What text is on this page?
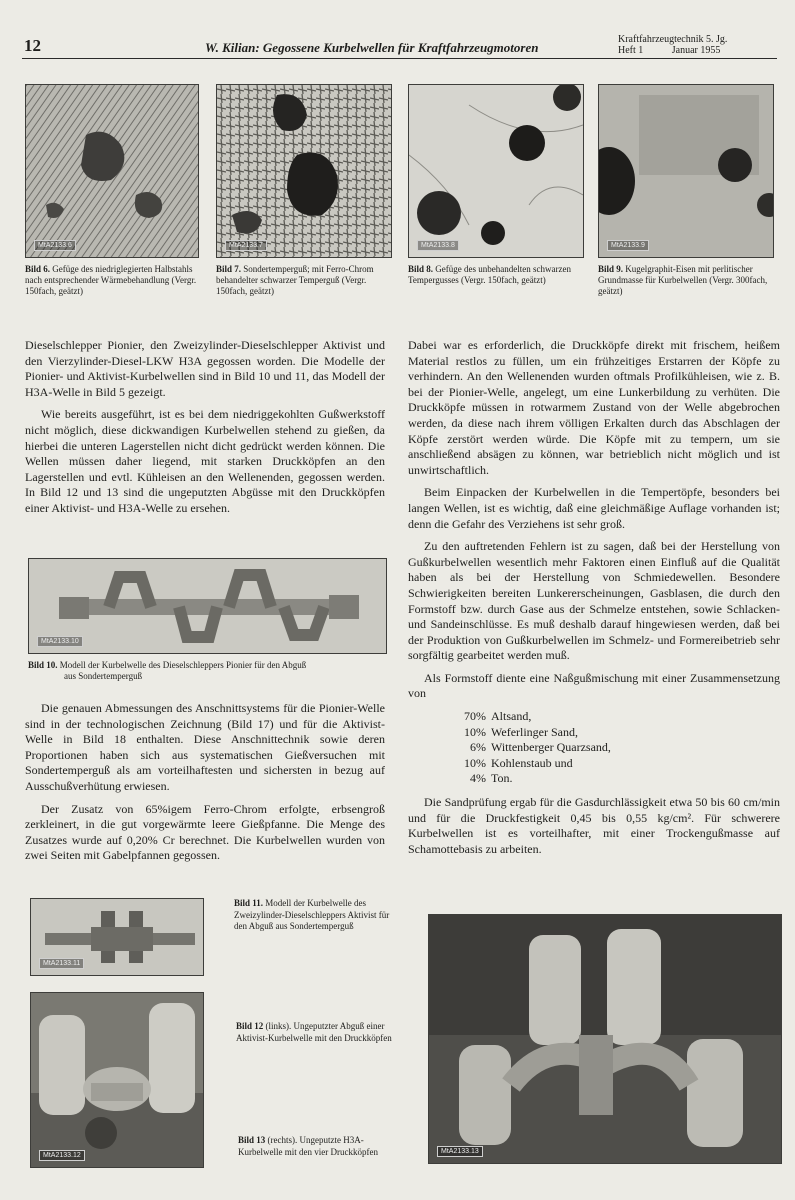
12	W. Kilian: Gegossene Kurbelwellen für Kraftfahrzeugmotoren
Kraftfahrzeugtechnik 5. Jg.
Heft 1	Januar 1955
MtA2133.6	MtA2133.7	MtA2133.8	MtA2133.9
Bild 6. Gefüge des niedriglegierten Halbstahls nach entsprechender Wärmebehandlung (Vergr. 150fach, geätzt)
Bild 7. Sondertemperguß; mit Ferro-Chrom behandelter schwarzer Temperguß (Vergr. 150fach, geätzt)
Bild 8. Gefüge des unbehandelten schwarzen Tempergusses (Vergr. 150fach, geätzt)
Bild 9. Kugelgraphit-Eisen mit perlitischer Grundmasse für Kurbelwellen (Vergr. 300fach, geätzt)

Dieselschlepper Pionier, den Zweizylinder-Dieselschlepper Aktivist und den Vierzylinder-Diesel-LKW H3A gegossen worden. Die Modelle der Pionier- und Aktivist-Kurbelwellen sind in Bild 10 und 11, das Modell der H3A-Welle in Bild 5 gezeigt.

Wie bereits ausgeführt, ist es bei dem niedriggekohlten Gußwerkstoff nicht möglich, diese dickwandigen Kurbelwellen stehend zu gießen, da hierbei die unteren Lagerstellen nicht dicht gedrückt werden können. Die Wellen müssen daher liegend, mit starken Druckköpfen an den Lagerstellen und evtl. Kühleisen an den Wellenenden, gegossen werden. In Bild 12 und 13 sind die ungeputzten Abgüsse mit den Druckköpfen einer Aktivist- und H3A-Welle zu ersehen.

MtA2133.10
Bild 10. Modell der Kurbelwelle des Dieselschleppers Pionier für den Abguß
aus Sondertemperguß

Die genauen Abmessungen des Anschnittsystems für die Pionier-Welle sind in der technologischen Zeichnung (Bild 17) und für die Aktivist-Welle in Bild 18 enthalten. Diese Anschnittechnik sowie deren Proportionen haben sich aus systematischen Gießversuchen mit Sondertemperguß als am vorteilhaftesten und sichersten in bezug auf Ausschußverhütung erwiesen.

Der Zusatz von 65%igem Ferro-Chrom erfolgte, erbsengroß zerkleinert, in die gut vorgewärmte leere Gießpfanne. Die Menge des Zusatzes wurde auf 0,20% Cr berechnet. Die Kurbelwellen wurden von zwei Seiten mit Gabelpfannen gegossen.

MtA2133.11
Bild 11. Modell der Kurbelwelle des Zweizylinder-Dieselschleppers Aktivist für den Abguß aus Sondertemperguß
MtA2133.12
Bild 12 (links). Ungeputzter Abguß einer Aktivist-Kurbelwelle mit den Druckköpfen
Bild 13 (rechts). Ungeputzte H3A-Kurbelwelle mit den vier Druckköpfen

Dabei war es erforderlich, die Druckköpfe direkt mit frischem, heißem Material restlos zu füllen, um ein frühzeitiges Erstarren der Köpfe zu verhindern. An den Wellenenden wurden oftmals Profilkühleisen, wie z. B. bei der Pionier-Welle, angelegt, um eine Lunkerbildung zu verhüten. Die Druckköpfe müssen in rotwarmem Zustand von der Welle abgebrochen werden, da diese nach ihrem völligen Erkalten durch das Abschlagen der Köpfe zerstört werden würde. Die Köpfe mit zu tempern, um sie anschließend absägen zu können, war betrieblich nicht möglich und ist unwirtschaftlich.

Beim Einpacken der Kurbelwellen in die Tempertöpfe, besonders bei langen Wellen, ist es wichtig, daß eine gleichmäßige Auflage vorhanden ist; denn die Gefahr des Verziehens ist sehr groß.

Zu den auftretenden Fehlern ist zu sagen, daß bei der Herstellung von Gußkurbelwellen wesentlich mehr Faktoren einen Einfluß auf die Qualität haben als bei der Herstellung von Schmiedewellen. Besondere Schwierigkeiten bereiten Lunkererscheinungen, Gasblasen, die durch den Formstoff bzw. durch Gase aus der Schmelze entstehen, sowie Schlacken- und Sandeinschlüsse. Es muß deshalb darauf hingewiesen werden, daß bei der Produktion von Gußkurbelwellen im Schmelz- und Formereibetrieb sehr sorgfältig gearbeitet werden muß.

Als Formstoff diente eine Naßgußmischung mit einer Zusammensetzung von

70% Altsand,
10% Weferlinger Sand,
6% Wittenberger Quarzsand,
10% Kohlenstaub und
4% Ton.

Die Sandprüfung ergab für die Gasdurchlässigkeit etwa 50 bis 60 cm/min und für die Druckfestigkeit 0,45 bis 0,55 kg/cm². Für schwerere Kurbelwellen ist es vorteilhafter, mit einer Trockengußmasse auf Schamottebasis zu arbeiten.

MtA2133.13
